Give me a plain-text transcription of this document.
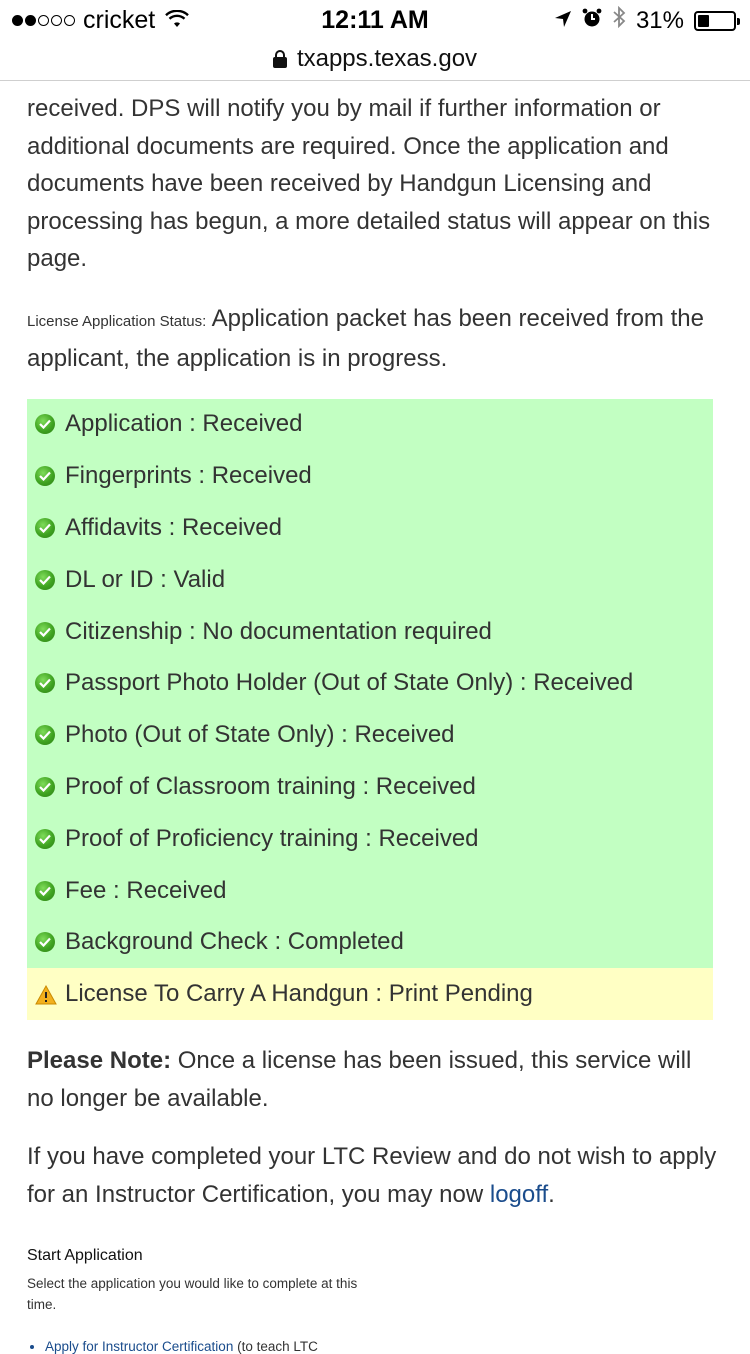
cricket	12:11 AM	31%
txapps.texas.gov

received. DPS will notify you by mail if further information or additional documents are required. Once the application and documents have been received by Handgun Licensing and processing has begun, a more detailed status will appear on this page.

License Application Status: Application packet has been received from the applicant, the application is in progress.
Application : Received
Fingerprints : Received
Affidavits : Received
DL or ID : Valid
Citizenship : No documentation required
Passport Photo Holder (Out of State Only) : Received
Photo (Out of State Only) : Received
Proof of Classroom training : Received
Proof of Proficiency training : Received
Fee : Received
Background Check : Completed
License To Carry A Handgun : Print Pending
Please Note: Once a license has been issued, this service will no longer be available.
If you have completed your LTC Review and do not wish to apply for an Instructor Certification, you may now logoff.
Start Application
Select the application you would like to complete at this time.
• Apply for Instructor Certification (to teach LTC
